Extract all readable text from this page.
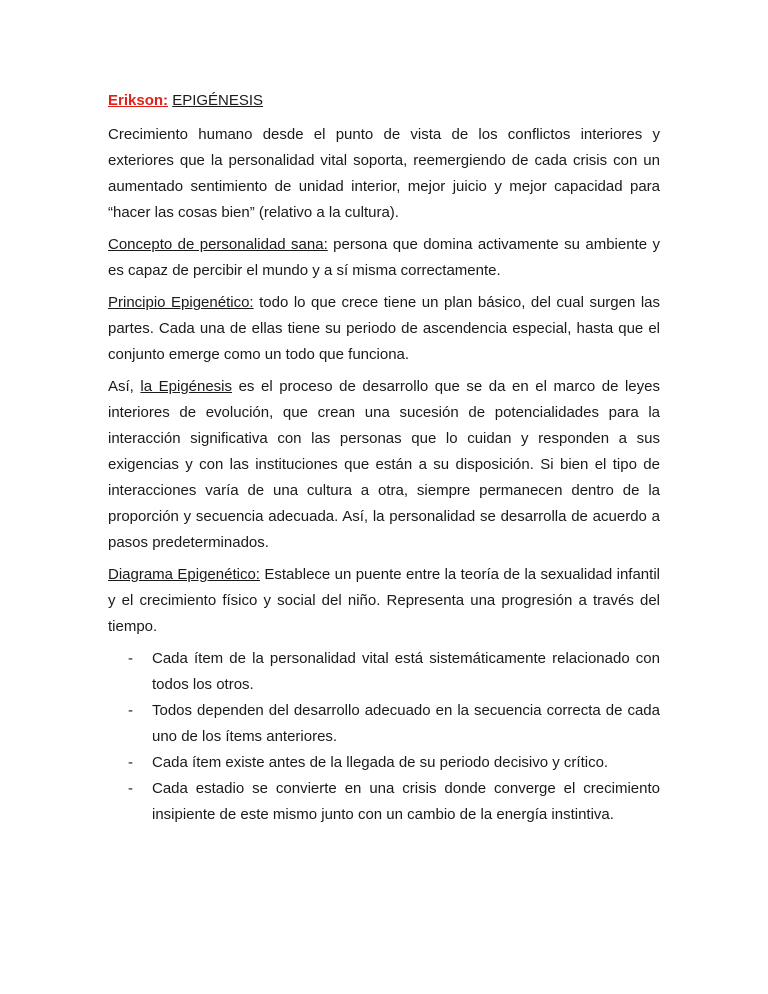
Erikson: EPIGÉNESIS

Crecimiento humano desde el punto de vista de los conflictos interiores y exteriores que la personalidad vital soporta, reemergiendo de cada crisis con un aumentado sentimiento de unidad interior, mejor juicio y mejor capacidad para “hacer las cosas bien” (relativo a la cultura).

Concepto de personalidad sana: persona que domina activamente su ambiente y es capaz de percibir el mundo y a sí misma correctamente.

Principio Epigenético: todo lo que crece tiene un plan básico, del cual surgen las partes. Cada una de ellas tiene su periodo de ascendencia especial, hasta que el conjunto emerge como un todo que funciona.

Así, la Epigénesis es el proceso de desarrollo que se da en el marco de leyes interiores de evolución, que crean una sucesión de potencialidades para la interacción significativa con las personas que lo cuidan y responden a sus exigencias y con las instituciones que están a su disposición. Si bien el tipo de interacciones varía de una cultura a otra, siempre permanecen dentro de la proporción y secuencia adecuada. Así, la personalidad se desarrolla de acuerdo a pasos predeterminados.

Diagrama Epigenético: Establece un puente entre la teoría de la sexualidad infantil y el crecimiento físico y social del niño. Representa una progresión a través del tiempo.

- Cada ítem de la personalidad vital está sistemáticamente relacionado con todos los otros.
- Todos dependen del desarrollo adecuado en la secuencia correcta de cada uno de los ítems anteriores.
- Cada ítem existe antes de la llegada de su periodo decisivo y crítico.
- Cada estadio se convierte en una crisis donde converge el crecimiento insipiente de este mismo junto con un cambio de la energía instintiva.
